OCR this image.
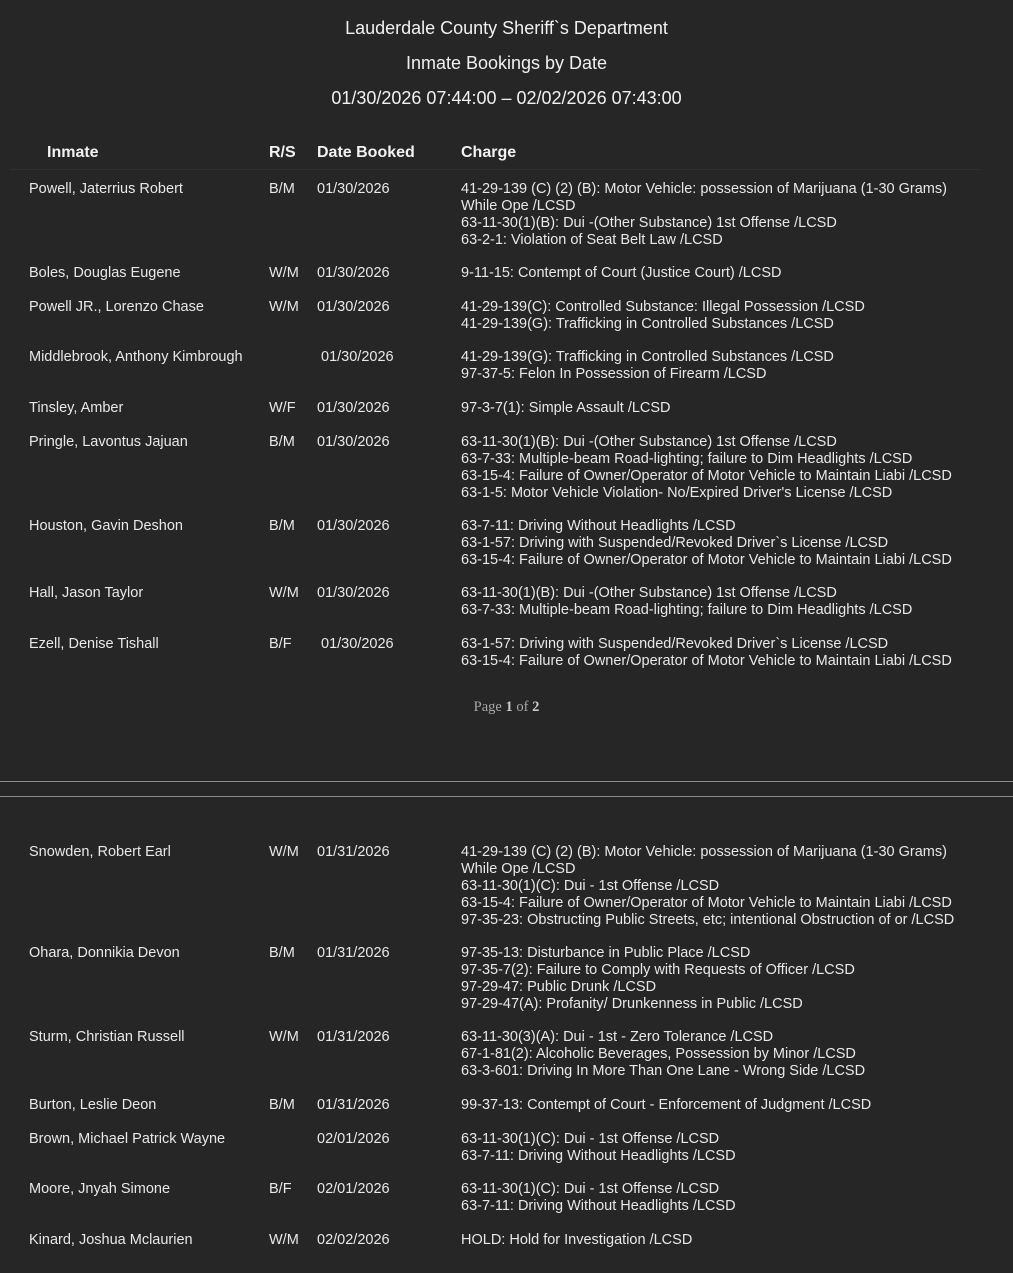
Lauderdale County Sheriff`s Department
Inmate Bookings by Date
01/30/2026 07:44:00 – 02/02/2026 07:43:00
Inmate	R/S Date Booked	Charge
Powell, Jaterrius Robert	B/M 01/30/2026	41-29-139 (C) (2) (B): Motor Vehicle: possession of Marijuana (1-30 Grams)
While Ope /LCSD
63-11-30(1)(B): Dui -(Other Substance) 1st Offense /LCSD
63-2-1: Violation of Seat Belt Law /LCSD
Boles, Douglas Eugene	W/M 01/30/2026	9-11-15: Contempt of Court (Justice Court) /LCSD
Powell JR., Lorenzo Chase	W/M 01/30/2026	41-29-139(C): Controlled Substance: Illegal Possession /LCSD
41-29-139(G): Trafficking in Controlled Substances /LCSD
Middlebrook, Anthony Kimbrough	01/30/2026	41-29-139(G): Trafficking in Controlled Substances /LCSD
97-37-5: Felon In Possession of Firearm /LCSD
Tinsley, Amber	W/F 01/30/2026	97-3-7(1): Simple Assault /LCSD
Pringle, Lavontus Jajuan	B/M 01/30/2026	63-11-30(1)(B): Dui -(Other Substance) 1st Offense /LCSD
63-7-33: Multiple-beam Road-lighting; failure to Dim Headlights /LCSD
63-15-4: Failure of Owner/Operator of Motor Vehicle to Maintain Liabi /LCSD
63-1-5: Motor Vehicle Violation- No/Expired Driver's License /LCSD
Houston, Gavin Deshon	B/M 01/30/2026	63-7-11: Driving Without Headlights /LCSD
63-1-57: Driving with Suspended/Revoked Driver`s License /LCSD
63-15-4: Failure of Owner/Operator of Motor Vehicle to Maintain Liabi /LCSD
Hall, Jason Taylor	W/M 01/30/2026	63-11-30(1)(B): Dui -(Other Substance) 1st Offense /LCSD
63-7-33: Multiple-beam Road-lighting; failure to Dim Headlights /LCSD
Ezell, Denise Tishall	B/F 01/30/2026	63-1-57: Driving with Suspended/Revoked Driver`s License /LCSD
63-15-4: Failure of Owner/Operator of Motor Vehicle to Maintain Liabi /LCSD
Snowden, Robert Earl	W/M 01/31/2026	41-29-139 (C) (2) (B): Motor Vehicle: possession of Marijuana (1-30 Grams)
While Ope /LCSD
63-11-30(1)(C): Dui - 1st Offense /LCSD
63-15-4: Failure of Owner/Operator of Motor Vehicle to Maintain Liabi /LCSD
97-35-23: Obstructing Public Streets, etc; intentional Obstruction of or /LCSD
Ohara, Donnikia Devon	B/M 01/31/2026	97-35-13: Disturbance in Public Place /LCSD
97-35-7(2): Failure to Comply with Requests of Officer /LCSD
97-29-47: Public Drunk /LCSD
97-29-47(A): Profanity/ Drunkenness in Public /LCSD
Sturm, Christian Russell	W/M 01/31/2026	63-11-30(3)(A): Dui - 1st - Zero Tolerance /LCSD
67-1-81(2): Alcoholic Beverages, Possession by Minor /LCSD
63-3-601: Driving In More Than One Lane - Wrong Side /LCSD
Burton, Leslie Deon	B/M 01/31/2026	99-37-13: Contempt of Court - Enforcement of Judgment /LCSD
Brown, Michael Patrick Wayne	02/01/2026	63-11-30(1)(C): Dui - 1st Offense /LCSD
63-7-11: Driving Without Headlights /LCSD
Moore, Jnyah Simone	B/F 02/01/2026	63-11-30(1)(C): Dui - 1st Offense /LCSD
63-7-11: Driving Without Headlights /LCSD
Kinard, Joshua Mclaurien	W/M 02/02/2026	HOLD: Hold for Investigation /LCSD
Page 1 of 2
